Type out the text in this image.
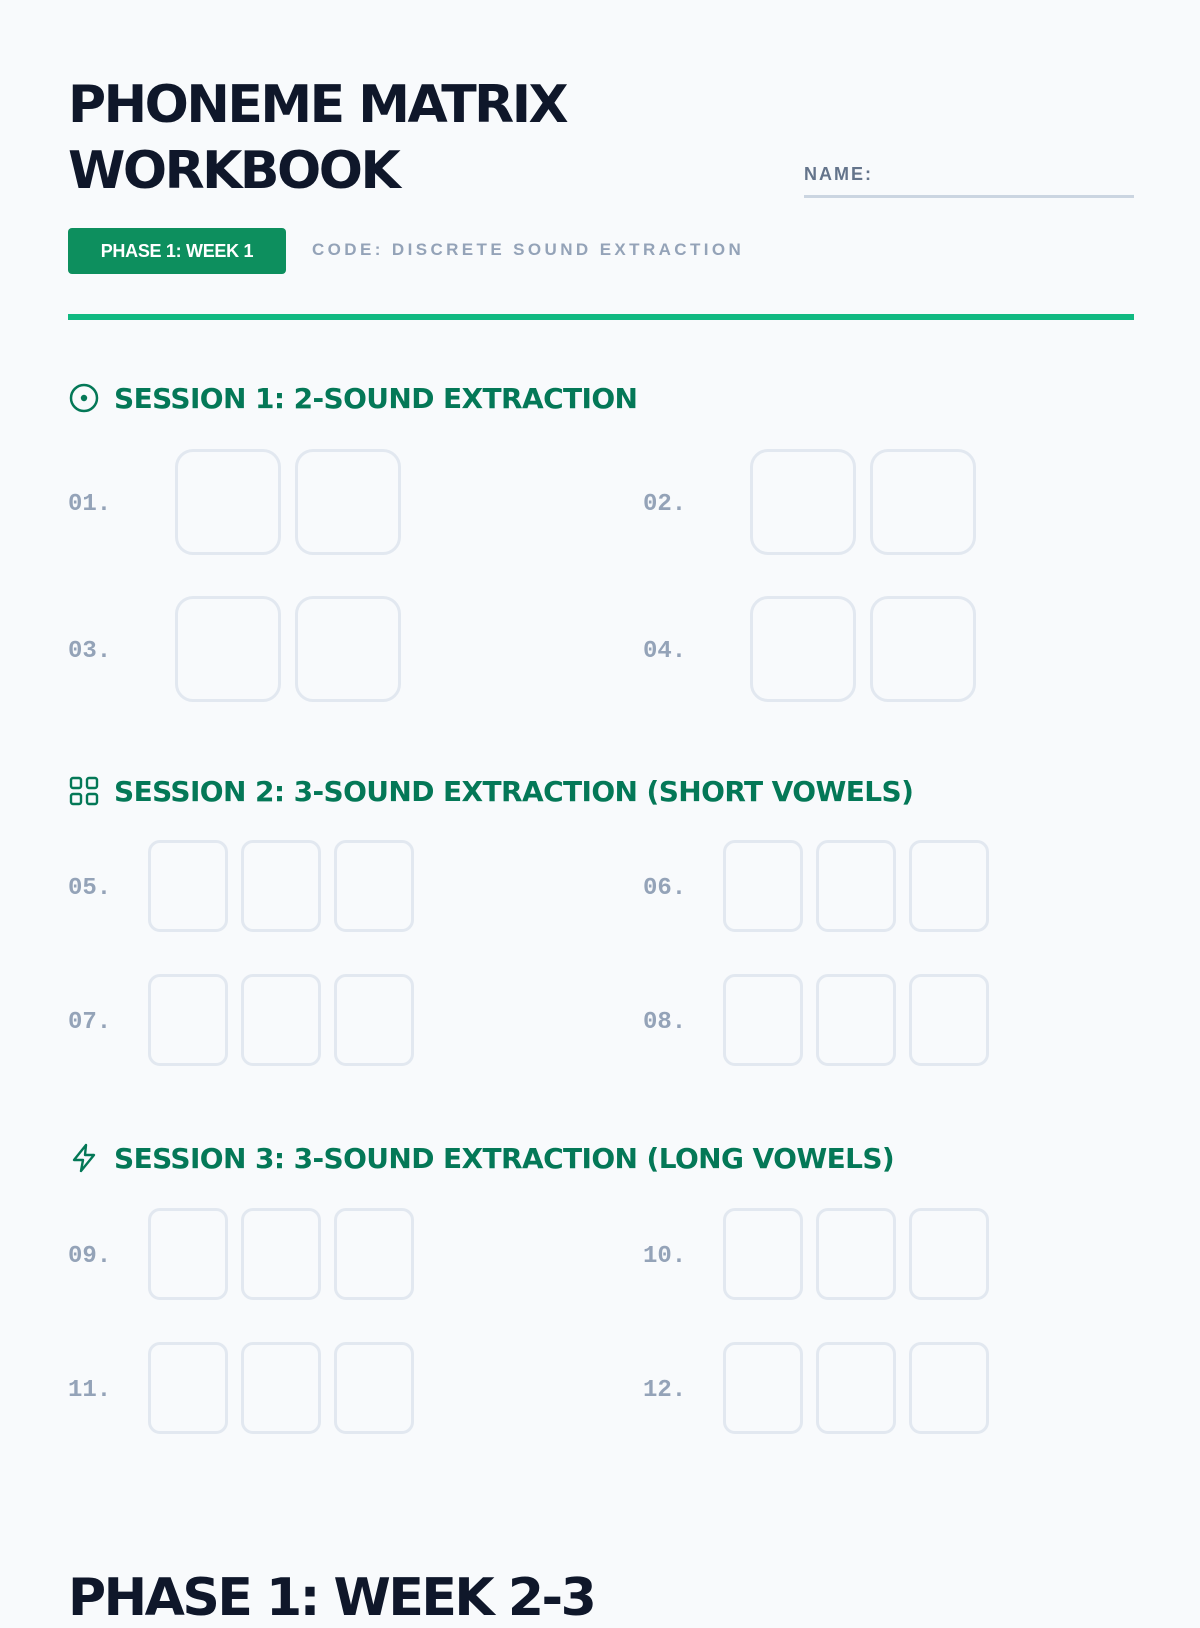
PHONEME MATRIX
WORKBOOK	NAME:
PHASE 1: WEEK 1	CODE: DISCRETE SOUND EXTRACTION
SESSION 1: 2-SOUND EXTRACTION
01.	02.
03.	04.
SESSION 2: 3-SOUND EXTRACTION (SHORT VOWELS)
05.	06.
07.	08.
SESSION 3: 3-SOUND EXTRACTION (LONG VOWELS)
09.	10.
11.	12.
PHASE 1: WEEK 2-3
